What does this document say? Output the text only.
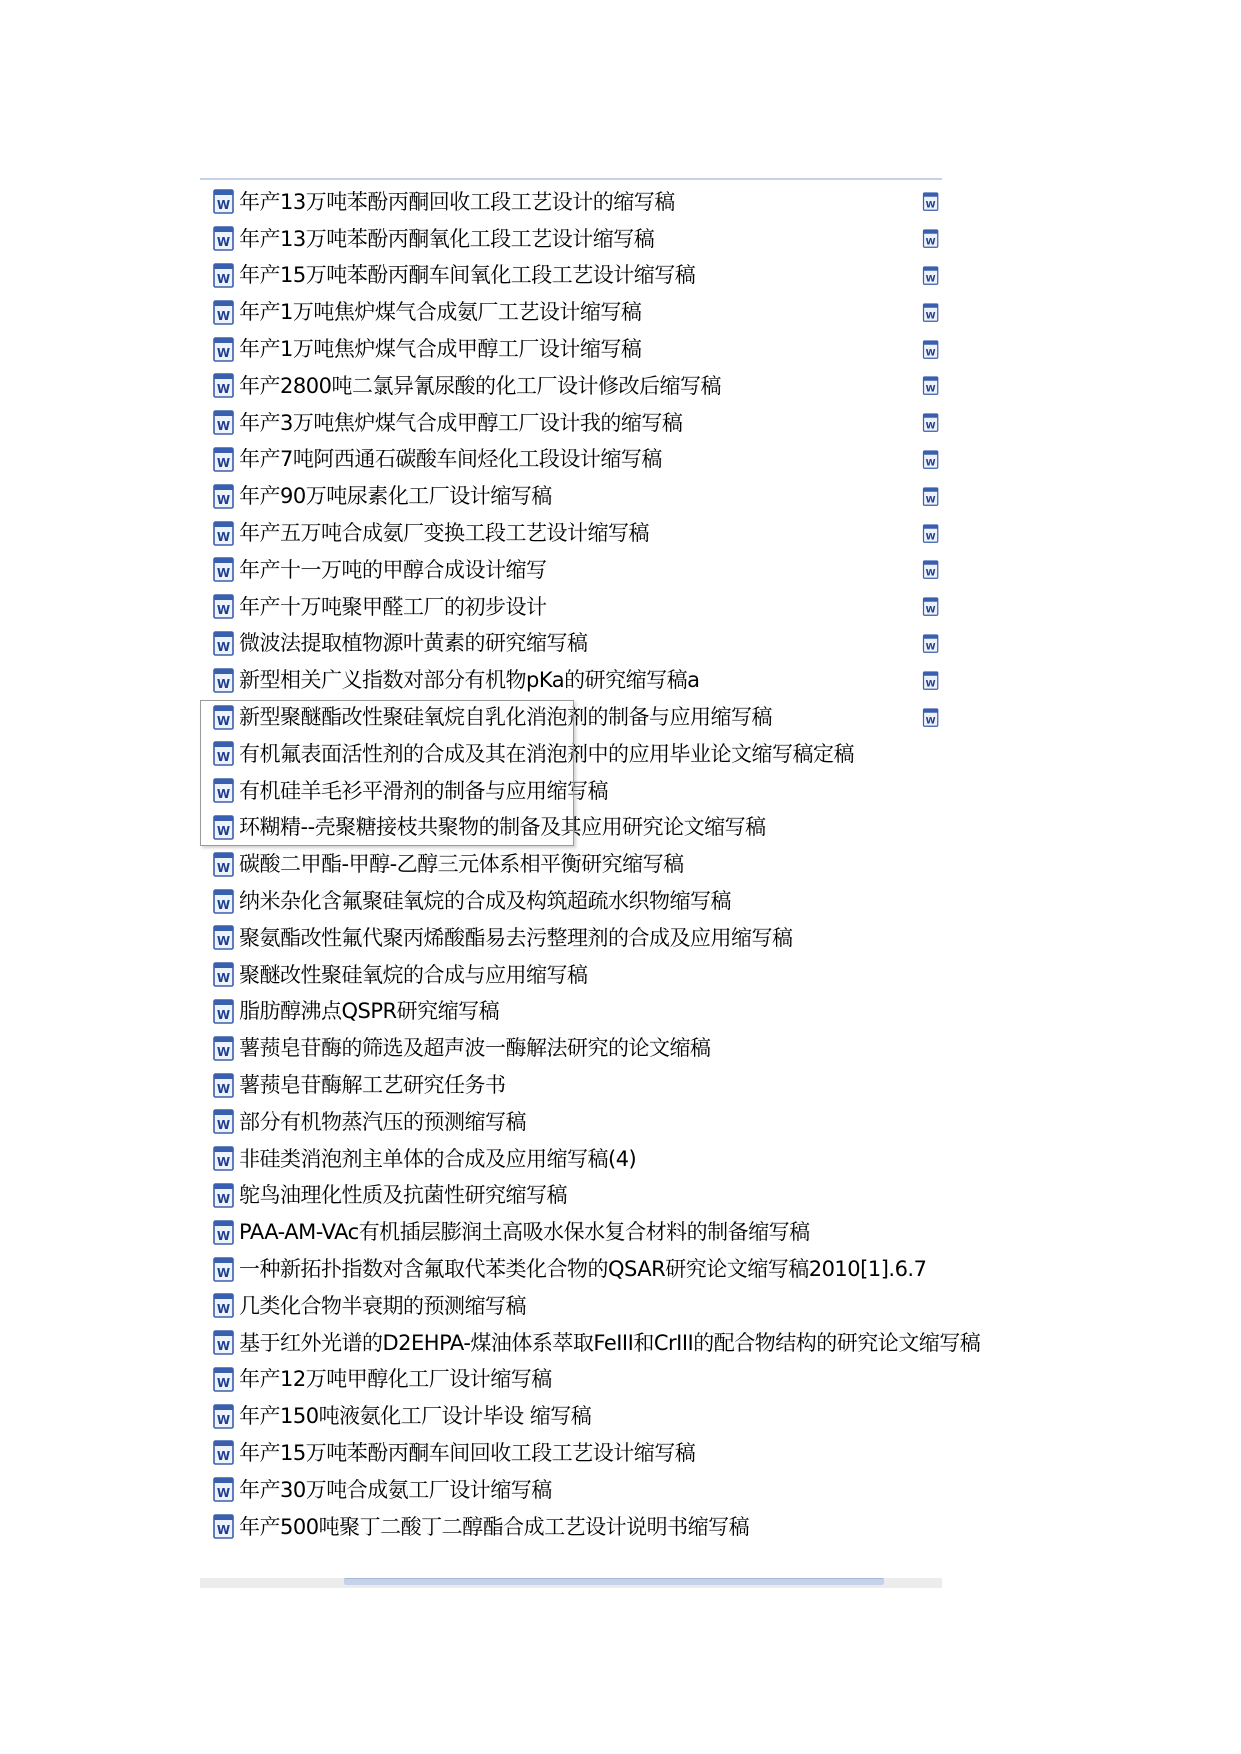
W 年产13万吨苯酚丙酮回收工段工艺设计的缩写稿
W 年产13万吨苯酚丙酮氧化工段工艺设计缩写稿
W 年产15万吨苯酚丙酮车间氧化工段工艺设计缩写稿
W 年产1万吨焦炉煤气合成氨厂工艺设计缩写稿
W 年产1万吨焦炉煤气合成甲醇工厂设计缩写稿
W 年产2800吨二氯异氰尿酸的化工厂设计修改后缩写稿
W 年产3万吨焦炉煤气合成甲醇工厂设计我的缩写稿
W 年产7吨阿西通石碳酸车间烃化工段设计缩写稿
W 年产90万吨尿素化工厂设计缩写稿
W 年产五万吨合成氨厂变换工段工艺设计缩写稿
W 年产十一万吨的甲醇合成设计缩写
W 年产十万吨聚甲醛工厂的初步设计
W 微波法提取植物源叶黄素的研究缩写稿
W 新型相关广义指数对部分有机物pKa的研究缩写稿a
W 新型聚醚酯改性聚硅氧烷自乳化消泡剂的制备与应用缩写稿
W 有机氟表面活性剂的合成及其在消泡剂中的应用毕业论文缩写稿定稿
W 有机硅羊毛衫平滑剂的制备与应用缩写稿
W 环糊精--壳聚糖接枝共聚物的制备及其应用研究论文缩写稿
W 碳酸二甲酯-甲醇-乙醇三元体系相平衡研究缩写稿
W 纳米杂化含氟聚硅氧烷的合成及构筑超疏水织物缩写稿
W 聚氨酯改性氟代聚丙烯酸酯易去污整理剂的合成及应用缩写稿
W 聚醚改性聚硅氧烷的合成与应用缩写稿
W 脂肪醇沸点QSPR研究缩写稿
W 薯蓣皂苷酶的筛选及超声波一酶解法研究的论文缩稿
W 薯蓣皂苷酶解工艺研究任务书
W 部分有机物蒸汽压的预测缩写稿
W 非硅类消泡剂主单体的合成及应用缩写稿(4)
W 鸵鸟油理化性质及抗菌性研究缩写稿
W PAA-AM-VAc有机插层膨润土高吸水保水复合材料的制备缩写稿
W 一种新拓扑指数对含氟取代苯类化合物的QSAR研究论文缩写稿2010[1].6.7
W 几类化合物半衰期的预测缩写稿
W 基于红外光谱的D2EHPA-煤油体系萃取FeIII和CrIII的配合物结构的研究论文缩写稿
W 年产12万吨甲醇化工厂设计缩写稿
W 年产150吨液氨化工厂设计毕设 缩写稿
W 年产15万吨苯酚丙酮车间回收工段工艺设计缩写稿
W 年产30万吨合成氨工厂设计缩写稿
W 年产500吨聚丁二酸丁二醇酯合成工艺设计说明书缩写稿
W
W
W
W
W
W
W
W
W
W
W
W
W
W
W
